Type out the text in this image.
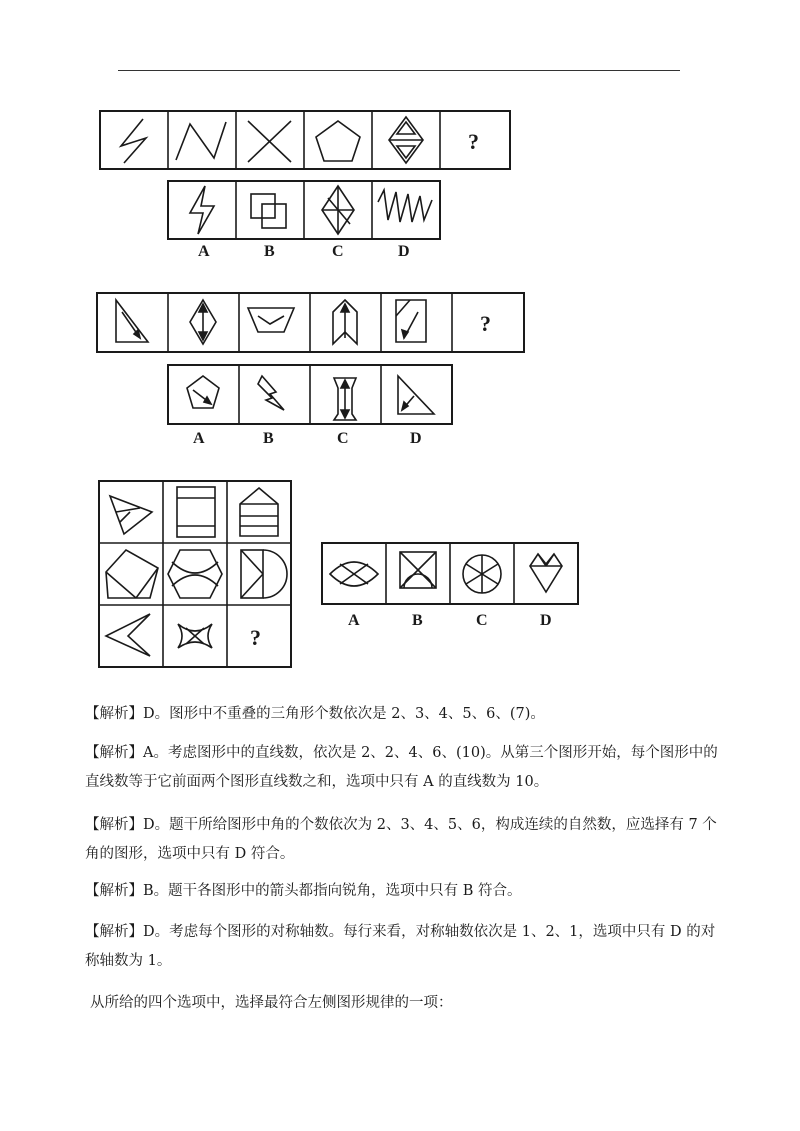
?
A	B	C	D
?
A	B	C	D
?
A	B	C	D

【解析】D。图形中不重叠的三角形个数依次是 2、3、4、5、6、(7)。

【解析】A。考虑图形中的直线数，依次是 2、2、4、6、(10)。从第三个图形开始，每个图形中的直线数等于它前面两个图形直线数之和，选项中只有 A 的直线数为 10。

【解析】D。题干所给图形中角的个数依次为 2、3、4、5、6，构成连续的自然数，应选择有 7 个角的图形，选项中只有 D 符合。

【解析】B。题干各图形中的箭头都指向锐角，选项中只有 B 符合。

【解析】D。考虑每个图形的对称轴数。每行来看，对称轴数依次是 1、2、1，选项中只有 D 的对称轴数为 1。

从所给的四个选项中，选择最符合左侧图形规律的一项：
